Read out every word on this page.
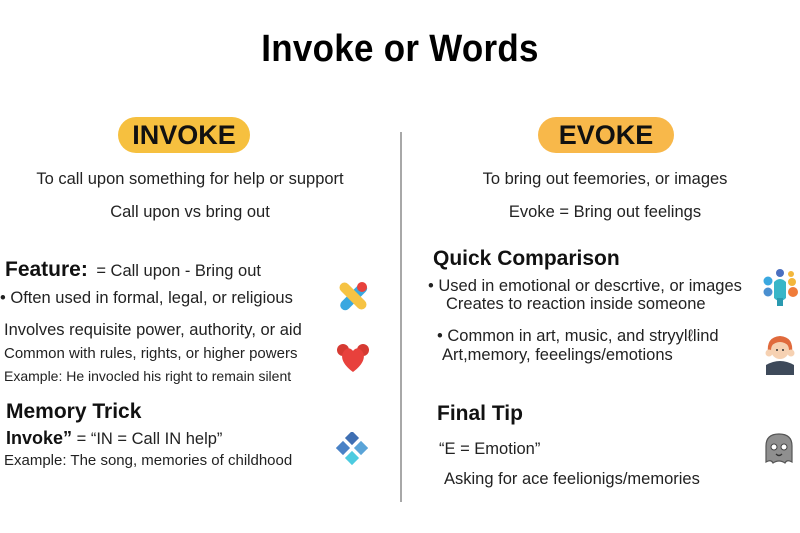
Invoke or Words
INVOKE
To call upon something for help or support
Call upon vs bring out
Feature: = Call upon - Bring out
• Often used in formal, legal, or religious
Involves requisite power, authority, or aid
Common with rules, rights, or higher powers
Example: He invocled his right to remain silent
Memory Trick
Invoke” = “IN = Call IN help”
Example: The song, memories of childhood
EVOKE
To bring out feemories, or images
Evoke = Bring out feelings
Quick Comparison
• Used in emotional or descrtive, or images
Creates to reaction inside someone
• Common in art, music, and stryylℓlind
Art,memory, feeelings/emotions
Final Tip
“E = Emotion”
Asking for ace feelionigs/memories
